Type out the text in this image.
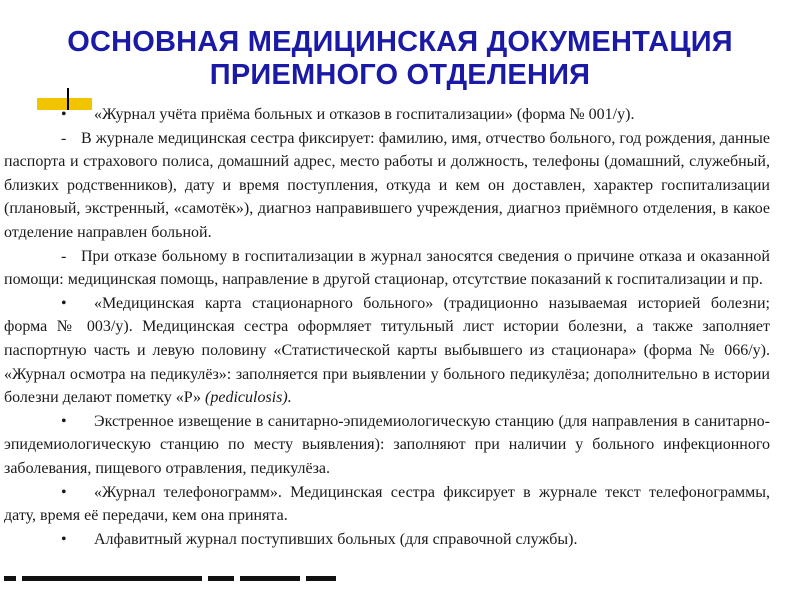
ОСНОВНАЯ МЕДИЦИНСКАЯ ДОКУМЕНТАЦИЯ
ПРИЕМНОГО ОТДЕЛЕНИЯ

• «Журнал учёта приёма больных и отказов в госпитализации» (форма № 001/у).

- В журнале медицинская сестра фиксирует: фамилию, имя, отчество больного, год рождения, данные паспорта и страхового полиса, домашний адрес, место работы и должность, телефоны (домашний, служебный, близких родственников), дату и время поступления, откуда и кем он доставлен, характер госпитализации (плановый, экстренный, «самотёк»), диагноз направившего учреждения, диагноз приёмного отделения, в какое отделение направлен больной.

- При отказе больному в госпитализации в журнал заносятся сведения о причине отказа и оказанной помощи: медицинская помощь, направление в другой стационар, отсутствие показаний к госпитализации и пр.

• «Медицинская карта стационарного больного» (традиционно называемая историей болезни; форма № 003/у). Медицинская сестра оформляет титульный лист истории болезни, а также заполняет паспортную часть и левую половину «Статистической карты выбывшего из стационара» (форма № 066/у). «Журнал осмотра на педикулёз»: заполняется при выявлении у больного педикулёза; дополнительно в истории болезни делают пометку «Р» (pediculosis).

• Экстренное извещение в санитарно-эпидемиологическую станцию (для направления в санитарно-эпидемиологическую станцию по месту выявления): заполняют при наличии у больного инфекционного заболевания, пищевого отравления, педикулёза.

• «Журнал телефонограмм». Медицинская сестра фиксирует в журнале текст телефонограммы, дату, время её передачи, кем она принята.

• Алфавитный журнал поступивших больных (для справочной службы).
